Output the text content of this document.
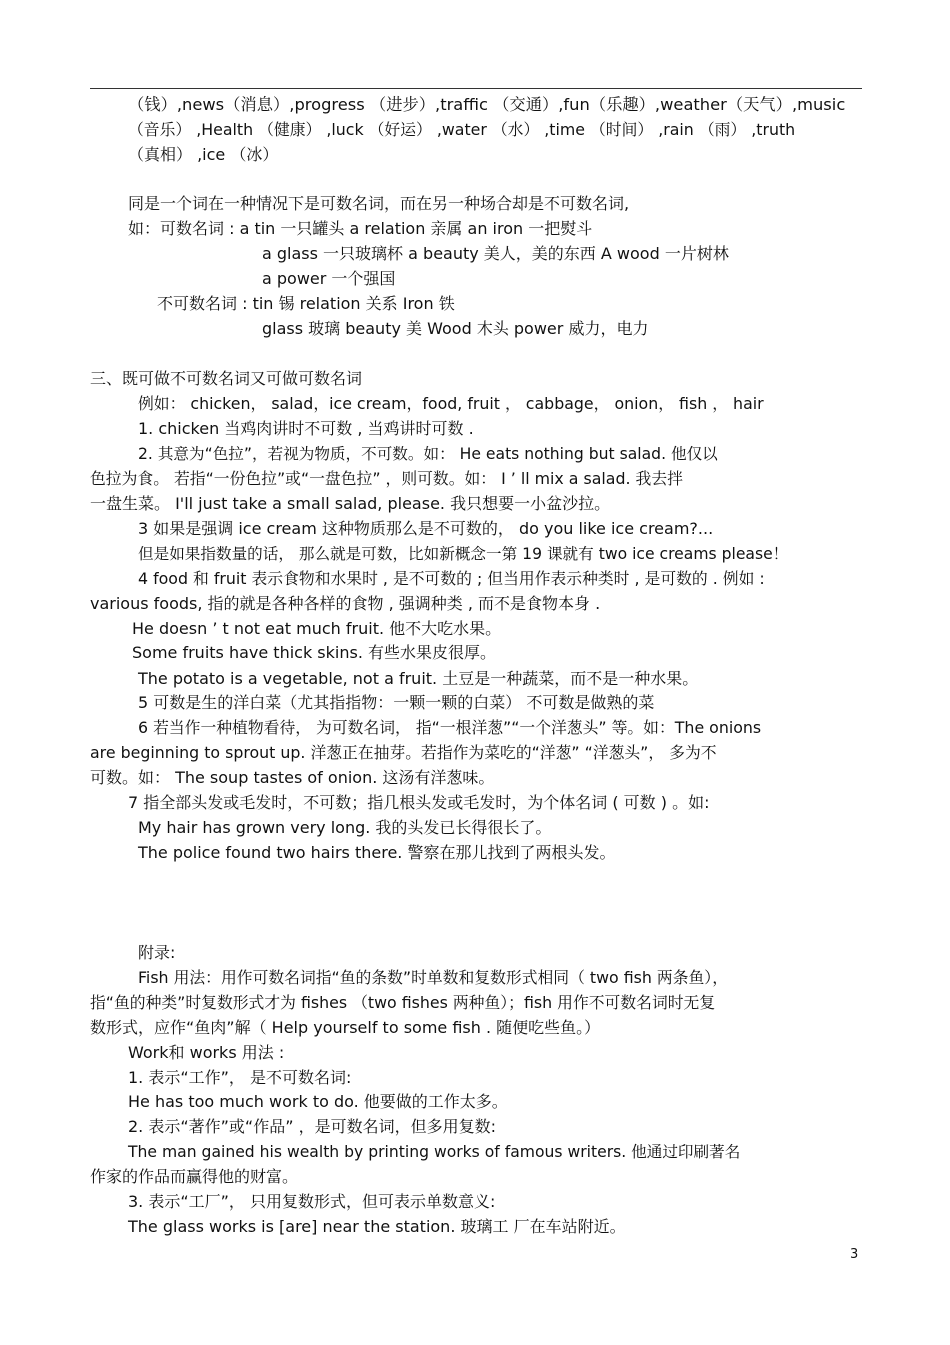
（钱）,news（消息）,progress （进步）,traffic （交通）,fun（乐趣）,weather（天气）,music
（音乐） ,Health （健康） ,luck （好运） ,water （水） ,time （时间） ,rain （雨） ,truth
（真相） ,ice （冰）
同是一个词在一种情况下是可数名词，而在另一种场合却是不可数名词,
如：可数名词 : a tin 一只罐头 a relation 亲属 an iron 一把熨斗
a glass 一只玻璃杯 a beauty 美人，美的东西 A wood 一片树林
a power 一个强国
不可数名词 : tin 锡 relation 关系 Iron 铁
glass 玻璃 beauty 美 Wood 木头 power 威力，电力
三、既可做不可数名词又可做可数名词
例如： chicken， salad，ice cream，food, fruit ， cabbage， onion， fish ， hair
1. chicken 当鸡肉讲时不可数 , 当鸡讲时可数 .
2. 其意为“色拉”，若视为物质，不可数。如： He eats nothing but salad. 他仅以
色拉为食。 若指“一份色拉”或“一盘色拉” ，则可数。如： I ’ ll mix a salad. 我去拌
一盘生菜。 I'll just take a small salad, please. 我只想要一小盆沙拉。
3 如果是强调 ice cream 这种物质那么是不可数的， do you like ice cream?...
但是如果指数量的话， 那么就是可数，比如新概念一第 19 课就有 two ice creams please！
4 food 和 fruit 表示食物和水果时 , 是不可数的 ; 但当用作表示种类时 , 是可数的 . 例如 :
various foods, 指的就是各种各样的食物 , 强调种类 , 而不是食物本身 .
He doesn ’ t not eat much fruit. 他不大吃水果。
Some fruits have thick skins. 有些水果皮很厚。
The potato is a vegetable, not a fruit. 土豆是一种蔬菜，而不是一种水果。
5 可数是生的洋白菜（尤其指指物：一颗一颗的白菜） 不可数是做熟的菜
6 若当作一种植物看待， 为可数名词， 指“一根洋葱”“一个洋葱头” 等。如：The onions
are beginning to sprout up. 洋葱正在抽芽。若指作为菜吃的“洋葱” “洋葱头”， 多为不
可数。如： The soup tastes of onion. 这汤有洋葱味。
7 指全部头发或毛发时，不可数；指几根头发或毛发时，为个体名词 ( 可数 ) 。如:
My hair has grown very long. 我的头发已长得很长了。
The police found two hairs there. 警察在那儿找到了两根头发。
附录:
Fish 用法：用作可数名词指“鱼的条数”时单数和复数形式相同（ two fish 两条鱼），
指“鱼的种类”时复数形式才为 fishes （two fishes 两种鱼）；fish 用作不可数名词时无复
数形式，应作“鱼肉”解（ Help yourself to some fish . 随便吃些鱼。）
Work和 works 用法 :
1. 表示“工作”， 是不可数名词:
He has too much work to do. 他要做的工作太多。
2. 表示“著作”或“作品” ，是可数名词，但多用复数:
The man gained his wealth by printing works of famous writers. 他通过印刷著名
作家的作品而赢得他的财富。
3. 表示“工厂”， 只用复数形式，但可表示单数意义:
The glass works is [are] near the station. 玻璃工 厂在车站附近。
3
